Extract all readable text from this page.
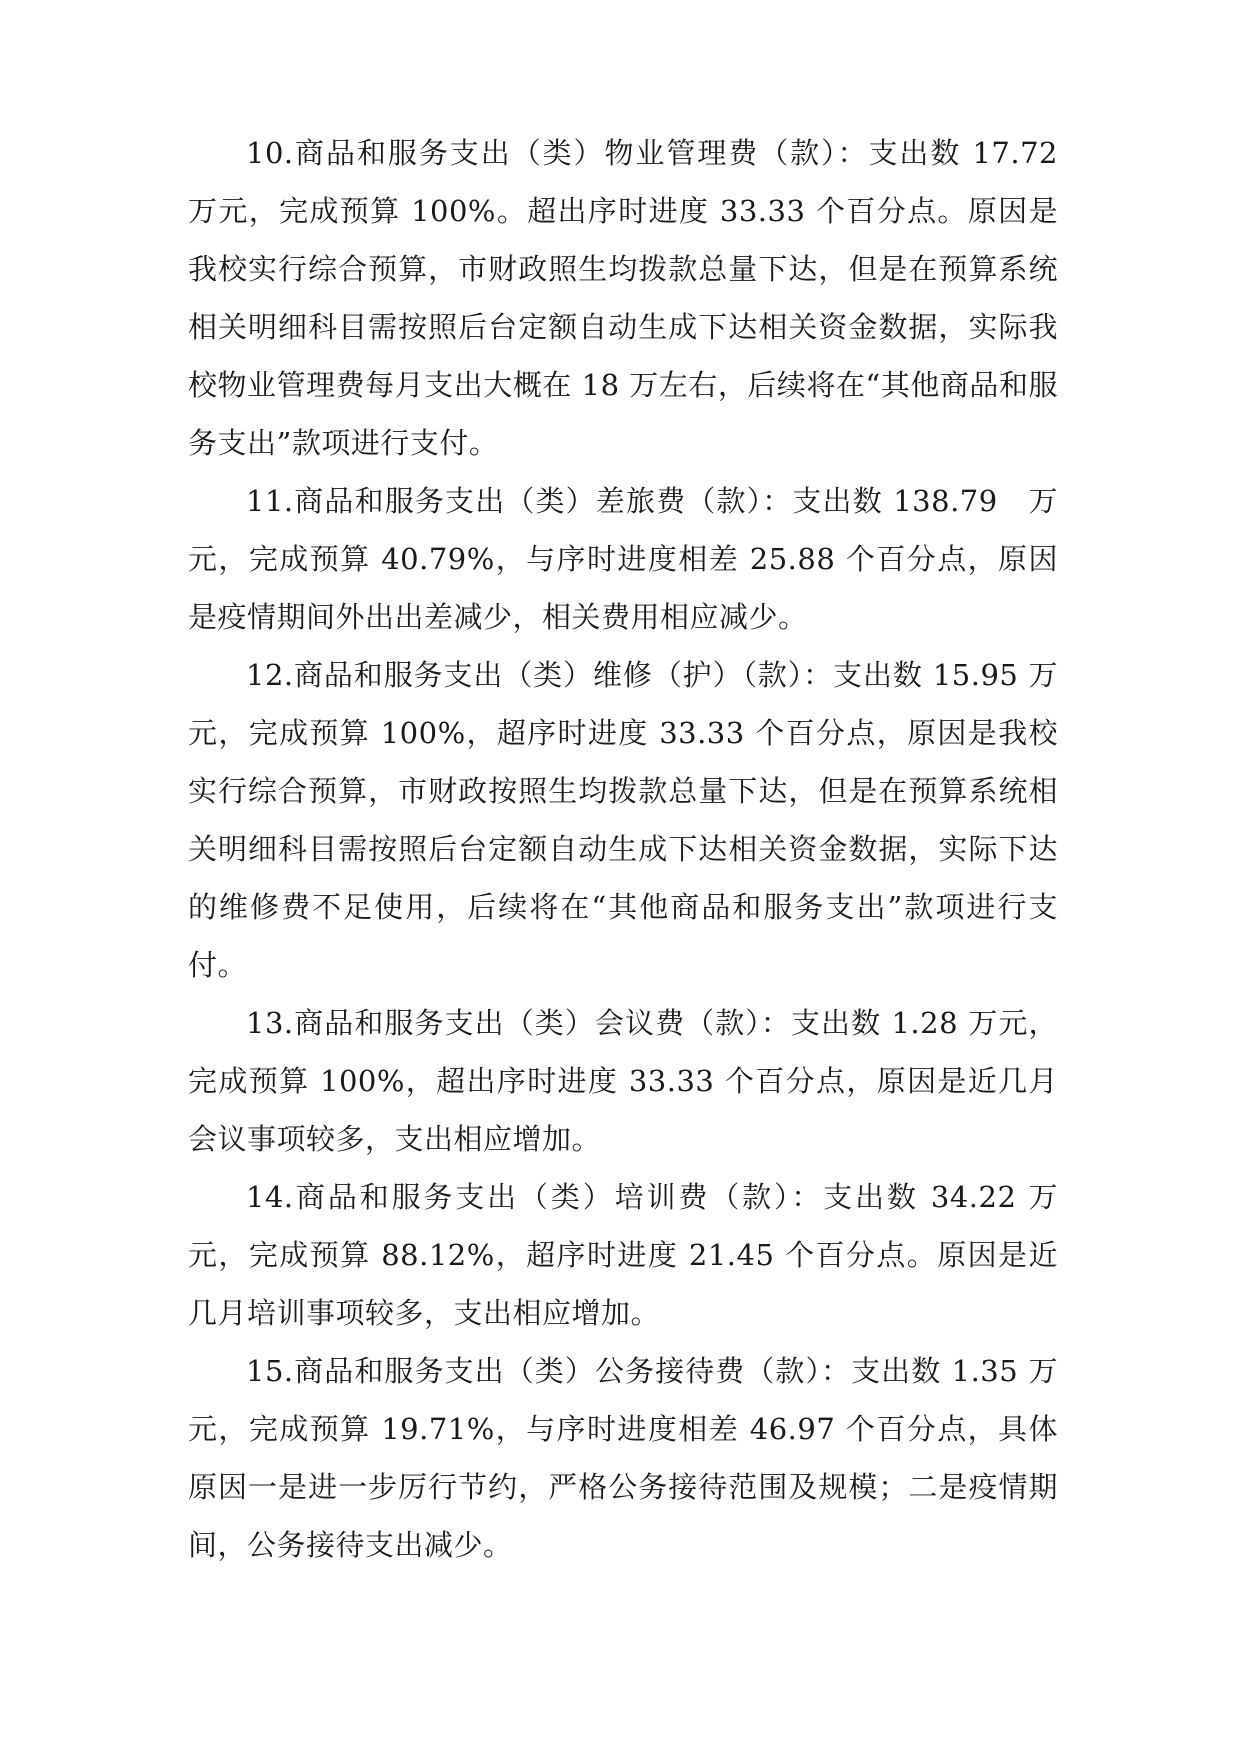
10.商品和服务支出（类）物业管理费（款）：支出数 17.72 万元，完成预算 100%。超出序时进度 33.33 个百分点。原因是我校实行综合预算，市财政照生均拨款总量下达，但是在预算系统相关明细科目需按照后台定额自动生成下达相关资金数据，实际我校物业管理费每月支出大概在 18 万左右，后续将在“其他商品和服务支出”款项进行支付。

11.商品和服务支出（类）差旅费（款）：支出数 138.79　万元，完成预算 40.79%，与序时进度相差 25.88 个百分点，原因是疫情期间外出出差减少，相关费用相应减少。

12.商品和服务支出（类）维修（护）（款）：支出数 15.95 万元，完成预算 100%，超序时进度 33.33 个百分点，原因是我校实行综合预算，市财政按照生均拨款总量下达，但是在预算系统相关明细科目需按照后台定额自动生成下达相关资金数据，实际下达的维修费不足使用，后续将在“其他商品和服务支出”款项进行支付。

13.商品和服务支出（类）会议费（款）：支出数 1.28 万元，完成预算 100%，超出序时进度 33.33 个百分点，原因是近几月会议事项较多，支出相应增加。

14.商品和服务支出（类）培训费（款）：支出数 34.22 万元，完成预算 88.12%，超序时进度 21.45 个百分点。原因是近几月培训事项较多，支出相应增加。

15.商品和服务支出（类）公务接待费（款）：支出数 1.35 万元，完成预算 19.71%，与序时进度相差 46.97 个百分点，具体原因一是进一步厉行节约，严格公务接待范围及规模；二是疫情期间，公务接待支出减少。
